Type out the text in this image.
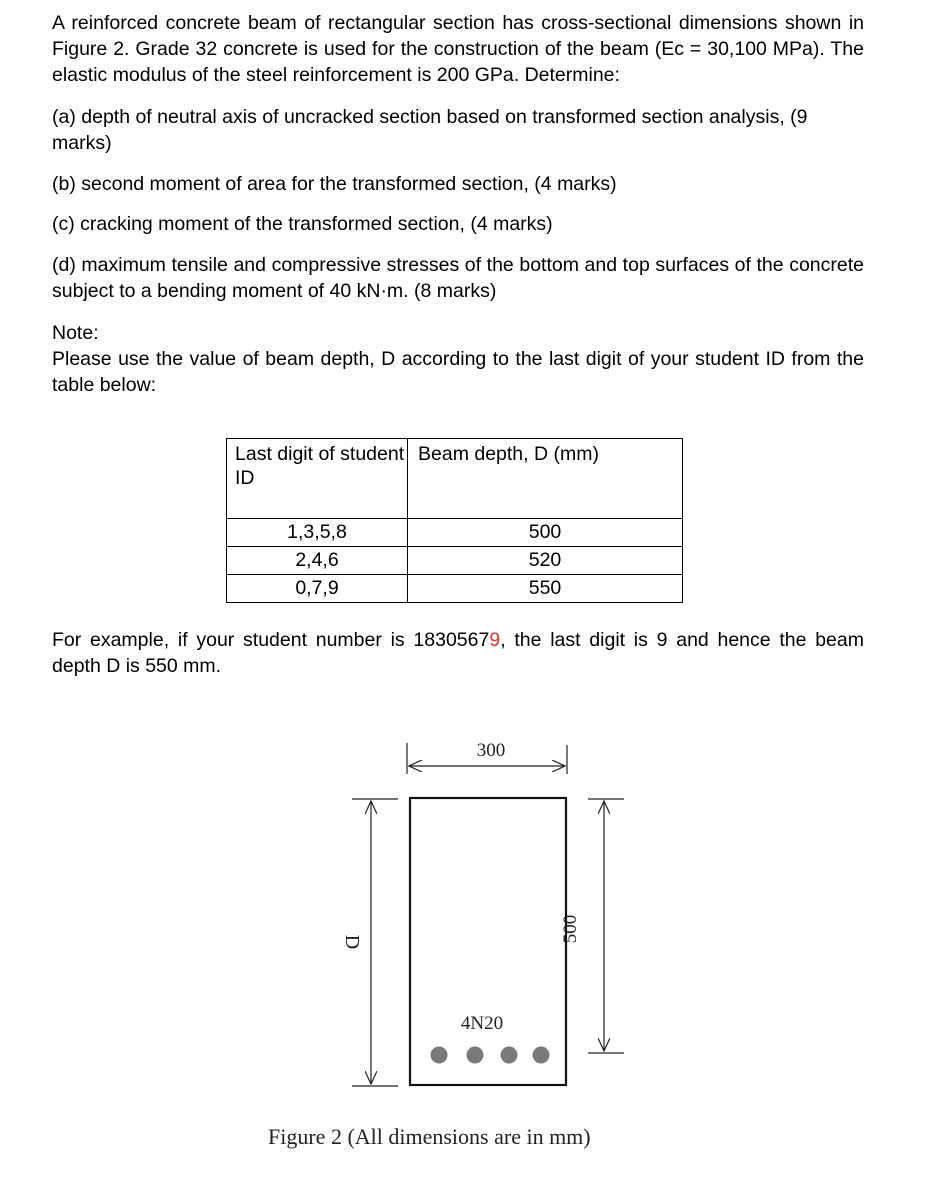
A reinforced concrete beam of rectangular section has cross-sectional dimensions shown in Figure 2. Grade 32 concrete is used for the construction of the beam (Ec = 30,100 MPa). The elastic modulus of the steel reinforcement is 200 GPa. Determine:

(a) depth of neutral axis of uncracked section based on transformed section analysis, (9 marks)

(b) second moment of area for the transformed section, (4 marks)

(c) cracking moment of the transformed section, (4 marks)

(d) maximum tensile and compressive stresses of the bottom and top surfaces of the concrete subject to a bending moment of 40 kN·m. (8 marks)

Note:

Please use the value of beam depth, D according to the last digit of your student ID from the table below:

Last digit of student ID	Beam depth, D (mm)
1,3,5,8	500
2,4,6	520
0,7,9	550

For example, if your student number is 18305679, the last digit is 9 and hence the beam depth D is 550 mm.

300
D
4N20
500
Figure 2 (All dimensions are in mm)
